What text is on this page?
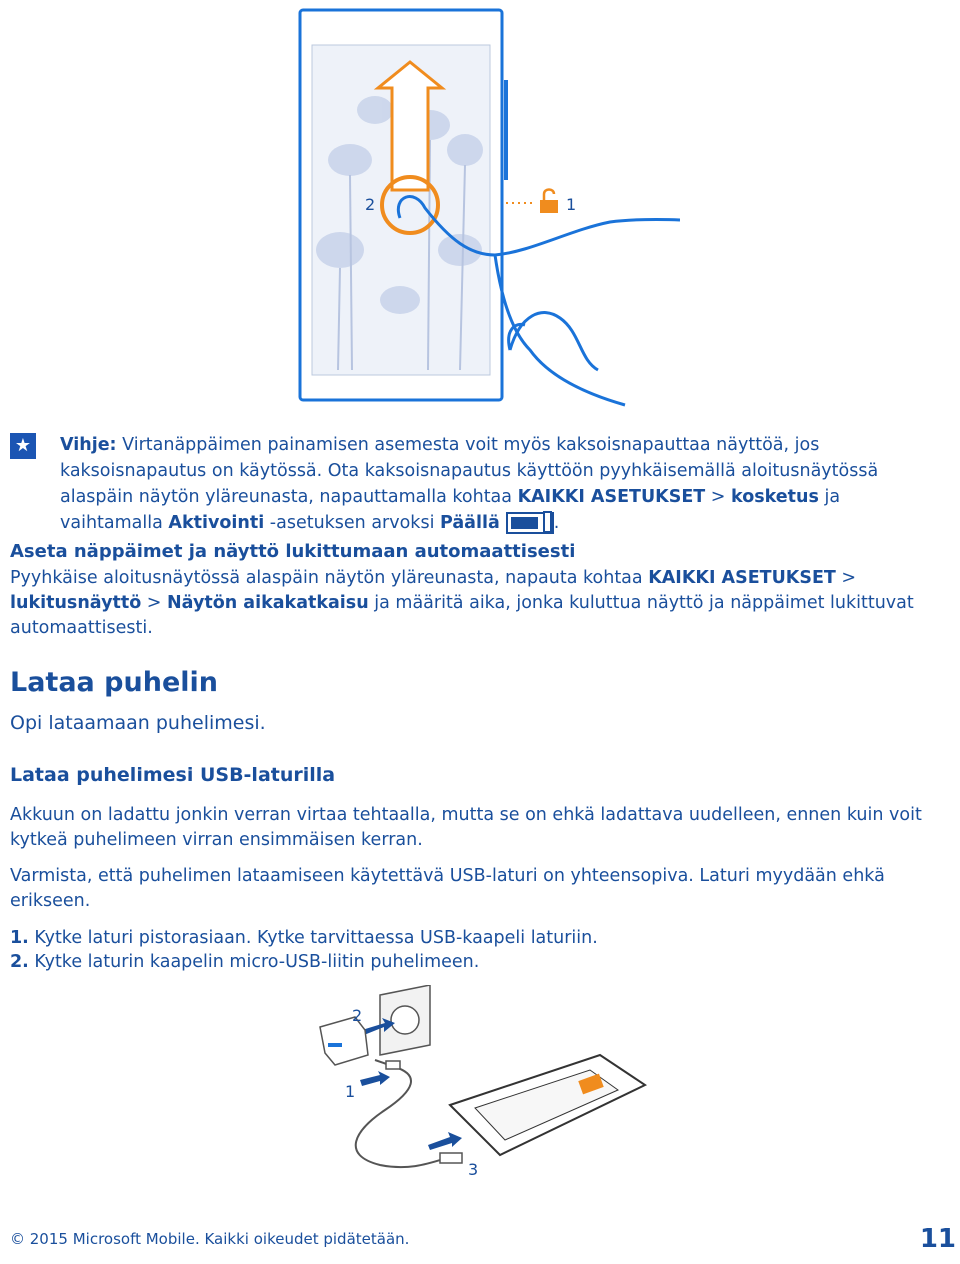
2	1
★ Vihje: Virtanäppäimen painamisen asemesta voit myös kaksoisnapauttaa näyttöä, jos kaksoisnapautus on käytössä. Ota kaksoisnapautus käyttöön pyyhkäisemällä aloitusnäytössä alaspäin näytön yläreunasta, napauttamalla kohtaa KAIKKI ASETUKSET > kosketus ja vaihtamalla Aktivointi -asetuksen arvoksi Päällä	.
Aseta näppäimet ja näyttö lukittumaan automaattisesti
Pyyhkäise aloitusnäytössä alaspäin näytön yläreunasta, napauta kohtaa KAIKKI ASETUKSET > lukitusnäyttö > Näytön aikakatkaisu ja määritä aika, jonka kuluttua näyttö ja näppäimet lukittuvat automaattisesti.
Lataa puhelin
Opi lataamaan puhelimesi.
Lataa puhelimesi USB-laturilla
Akkuun on ladattu jonkin verran virtaa tehtaalla, mutta se on ehkä ladattava uudelleen, ennen kuin voit kytkeä puhelimeen virran ensimmäisen kerran.
Varmista, että puhelimen lataamiseen käytettävä USB-laturi on yhteensopiva. Laturi myydään ehkä erikseen.
1. Kytke laturi pistorasiaan. Kytke tarvittaessa USB-kaapeli laturiin.
2. Kytke laturin kaapelin micro-USB-liitin puhelimeen.
2
1
3
© 2015 Microsoft Mobile. Kaikki oikeudet pidätetään.	11
